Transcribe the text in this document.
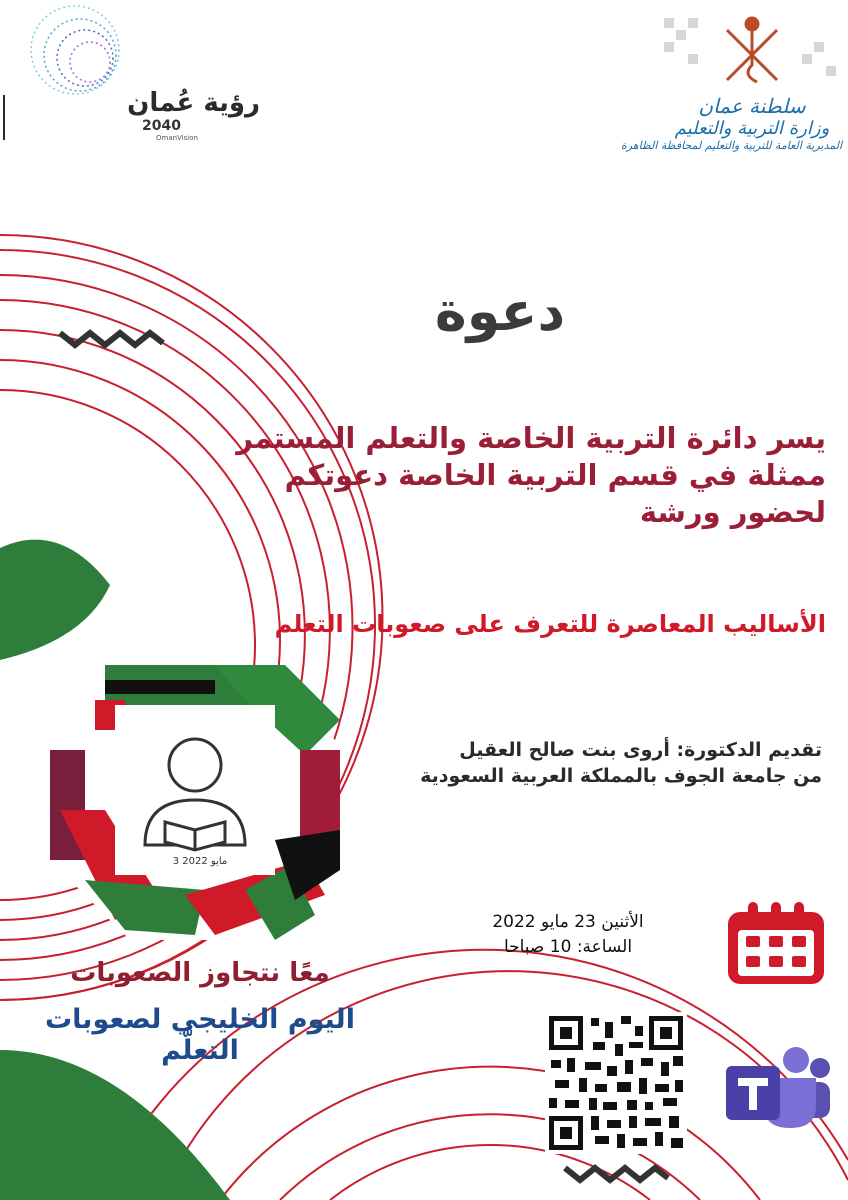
رؤية عُمان
2040
OmanVision
سلطنة عمان
وزارة التربية والتعليم
المديرية العامة للتربية والتعليم لمحافظة الظاهرة
دعوة
يسر دائرة التربية الخاصة والتعلم المستمر ممثلة في قسم التربية الخاصة دعوتكم لحضور ورشة
الأساليب المعاصرة للتعرف على صعوبات التعلم
تقديم الدكتورة: أروى بنت صالح العقيل
من جامعة الجوف بالمملكة العربية السعودية
3 مايو 2022
معًا نتجاوز الصعوبات
اليوم الخليجي لصعوبات التعلّم
الأثنين 23 مايو 2022
الساعة: 10 صباحا
